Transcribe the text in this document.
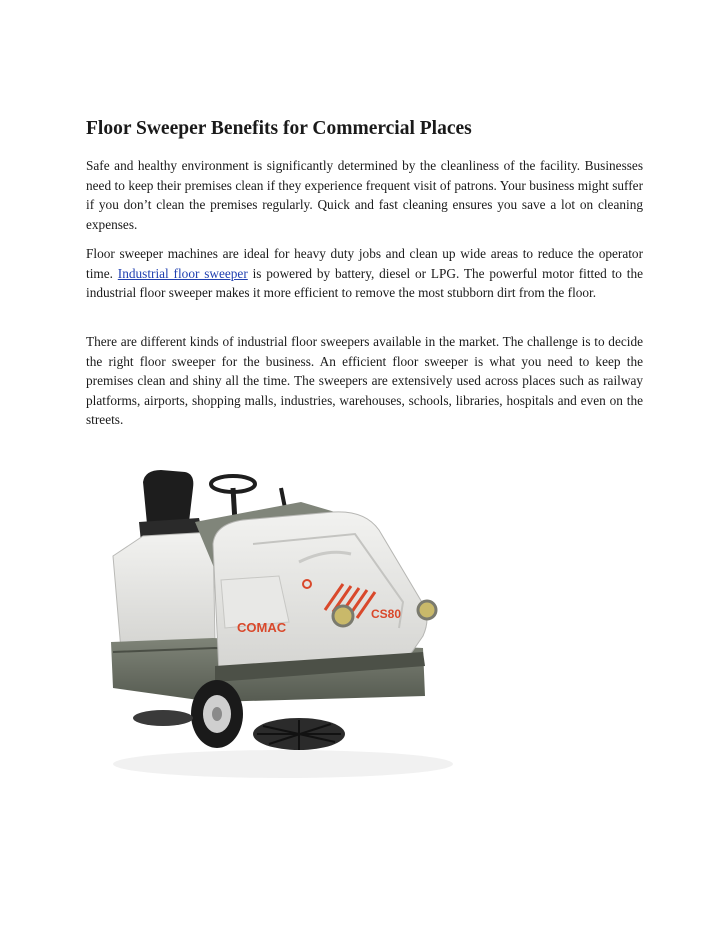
Floor Sweeper Benefits for Commercial Places

Safe and healthy environment is significantly determined by the cleanliness of the facility. Businesses need to keep their premises clean if they experience frequent visit of patrons. Your business might suffer if you don’t clean the premises regularly. Quick and fast cleaning ensures you save a lot on cleaning expenses.

Floor sweeper machines are ideal for heavy duty jobs and clean up wide areas to reduce the operator time. Industrial floor sweeper is powered by battery, diesel or LPG. The powerful motor fitted to the industrial floor sweeper makes it more efficient to remove the most stubborn dirt from the floor.

There are different kinds of industrial floor sweepers available in the market. The challenge is to decide the right floor sweeper for the business. An efficient floor sweeper is what you need to keep the premises clean and shiny all the time. The sweepers are extensively used across places such as railway platforms, airports, shopping malls, industries, warehouses, schools, libraries, hospitals and even on the streets.

COMAC
CS80
